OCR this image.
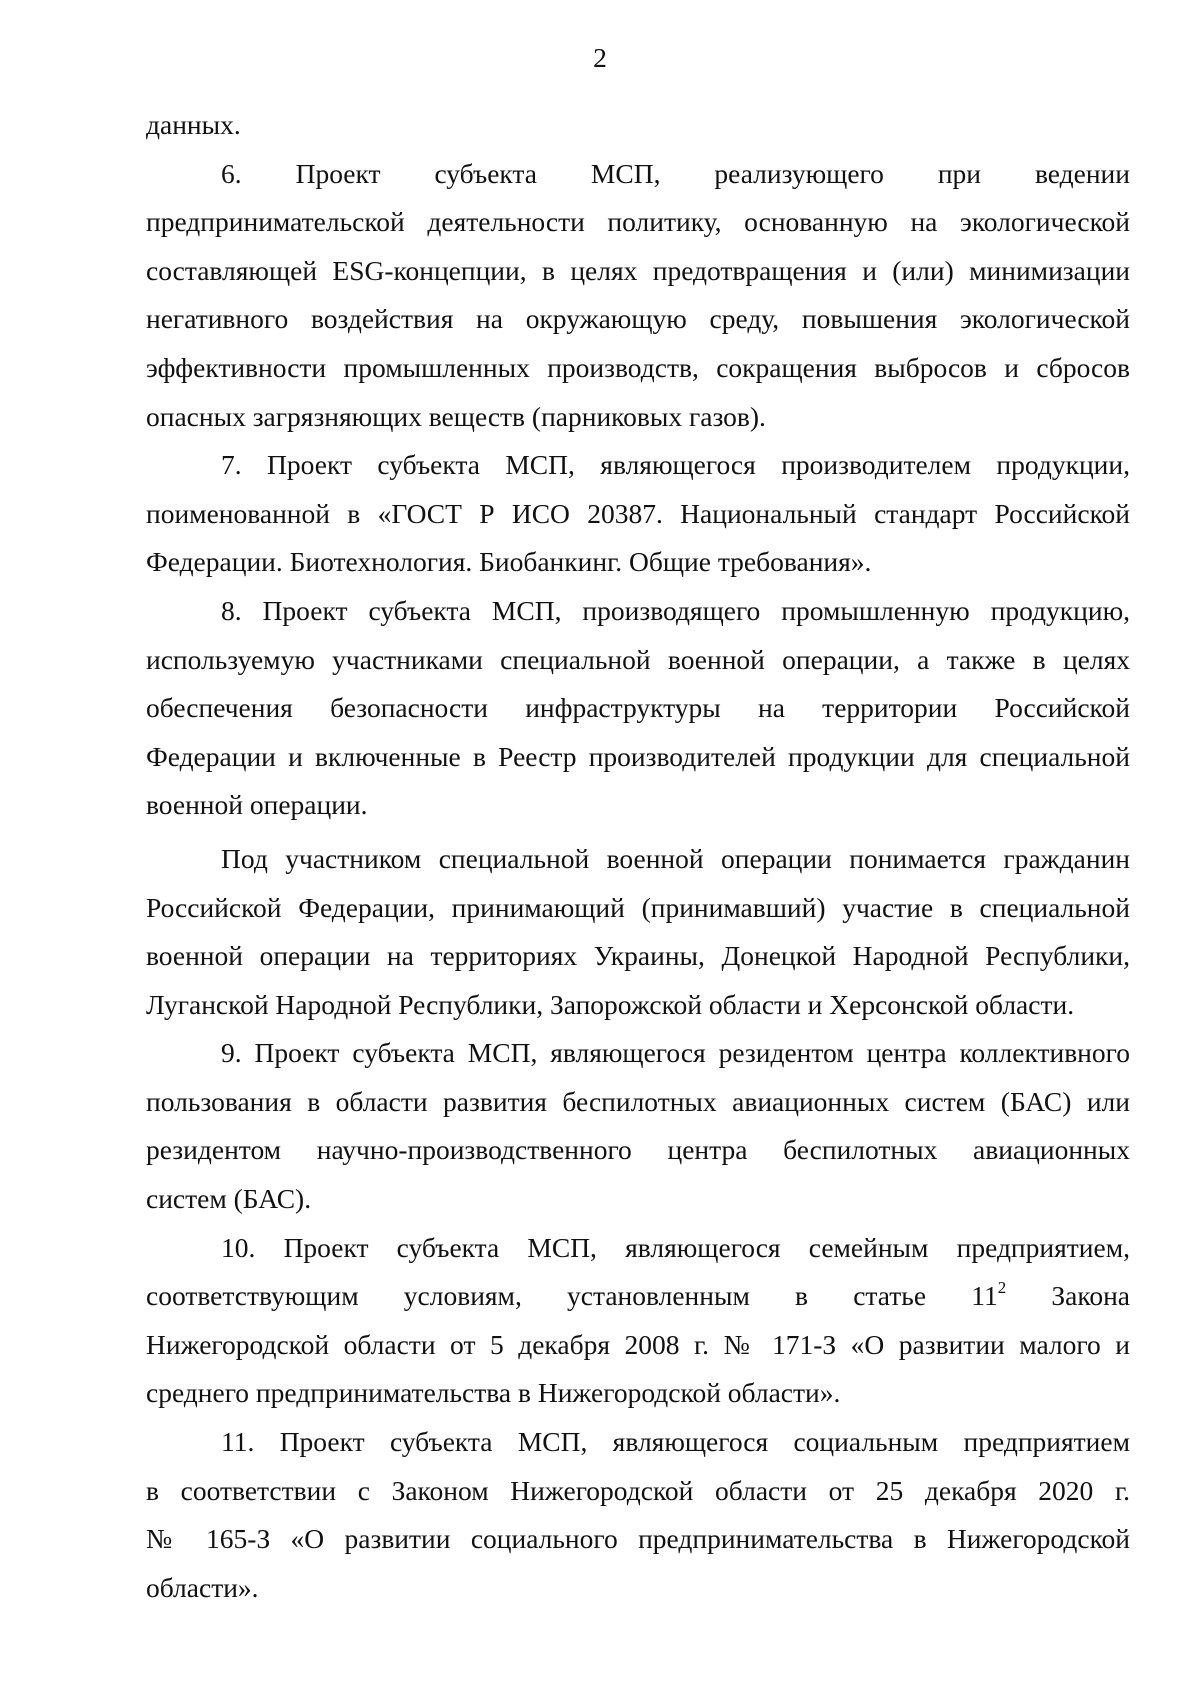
2
данных.
6. Проект субъекта МСП, реализующего при ведении
предпринимательской деятельности политику, основанную на экологической
составляющей ESG-концепции, в целях предотвращения и (или) минимизации
негативного воздействия на окружающую среду, повышения экологической
эффективности промышленных производств, сокращения выбросов и сбросов
опасных загрязняющих веществ (парниковых газов).
7. Проект субъекта МСП, являющегося производителем продукции,
поименованной в «ГОСТ Р ИСО 20387. Национальный стандарт Российской
Федерации. Биотехнология. Биобанкинг. Общие требования».
8. Проект субъекта МСП, производящего промышленную продукцию,
используемую участниками специальной военной операции, а также в целях
обеспечения безопасности инфраструктуры на территории Российской
Федерации и включенные в Реестр производителей продукции для специальной
военной операции.
Под участником специальной военной операции понимается гражданин
Российской Федерации, принимающий (принимавший) участие в специальной
военной операции на территориях Украины, Донецкой Народной Республики,
Луганской Народной Республики, Запорожской области и Херсонской области.
9. Проект субъекта МСП, являющегося резидентом центра коллективного
пользования в области развития беспилотных авиационных систем (БАС) или
резидентом научно-производственного центра беспилотных авиационных
систем (БАС).
10. Проект субъекта МСП, являющегося семейным предприятием,
соответствующим условиям, установленным в статье $11^2$ Закона
Нижегородской области от 5 декабря 2008 г. № 171-З «О развитии малого и
среднего предпринимательства в Нижегородской области».
11. Проект субъекта МСП, являющегося социальным предприятием
в соответствии с Законом Нижегородской области от 25 декабря 2020 г.
№ 165-З «О развитии социального предпринимательства в Нижегородской
области».
